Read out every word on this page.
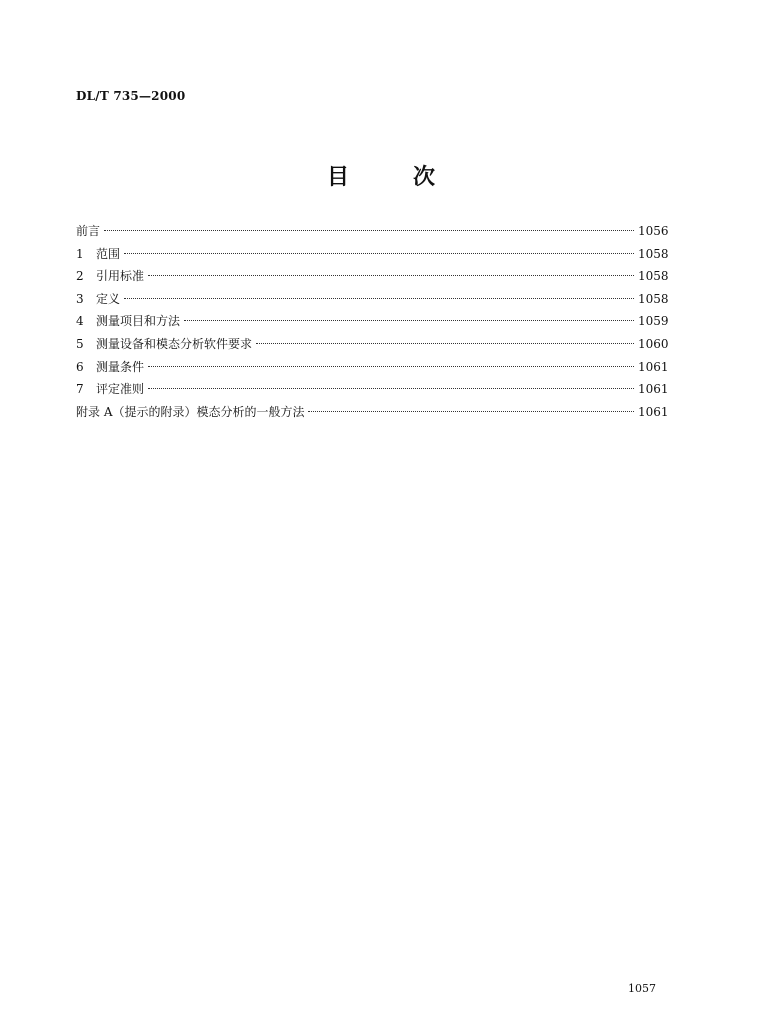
DL/T 735—2000
目	次
前言	1056
1	范围	1058
2	引用标准	1058
3	定义	1058
4	测量项目和方法	1059
5	测量设备和模态分析软件要求	1060
6	测量条件	1061
7	评定准则	1061
附录 A（提示的附录）模态分析的一般方法	1061
1057
